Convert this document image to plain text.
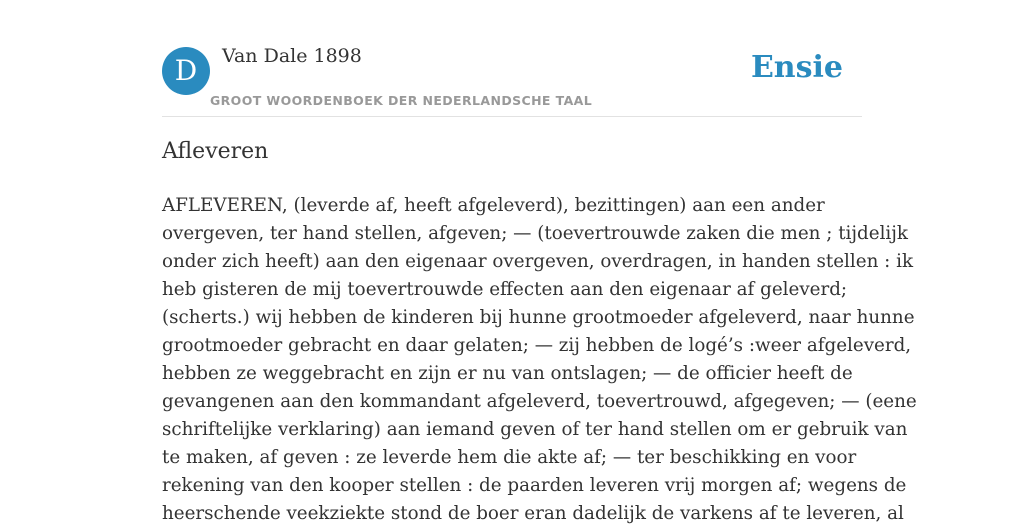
D	Van Dale 1898
GROOT WOORDENBOEK DER NEDERLANDSCHE TAAL
Ensie
Afleveren

AFLEVEREN, (leverde af, heeft afgeleverd), bezittingen) aan een ander
overgeven, ter hand stellen, afgeven; — (toevertrouwde zaken die men ; tijdelijk
onder zich heeft) aan den eigenaar overgeven, overdragen, in handen stellen : ik
heb gisteren de mij toevertrouwde effecten aan den eigenaar af geleverd;
(scherts.) wij hebben de kinderen bij hunne grootmoeder afgeleverd, naar hunne
grootmoeder gebracht en daar gelaten; — zij hebben de logé’s :weer afgeleverd,
hebben ze weggebracht en zijn er nu van ontslagen; — de officier heeft de
gevangenen aan den kommandant afgeleverd, toevertrouwd, afgegeven; — (eene
schriftelijke verklaring) aan iemand geven of ter hand stellen om er gebruik van
te maken, af geven : ze leverde hem die akte af; — ter beschikking en voor
rekening van den kooper stellen : de paarden leveren vrij morgen af; wegens de
heerschende veekziekte stond de boer eran dadelijk de varkens af te leveren, al
